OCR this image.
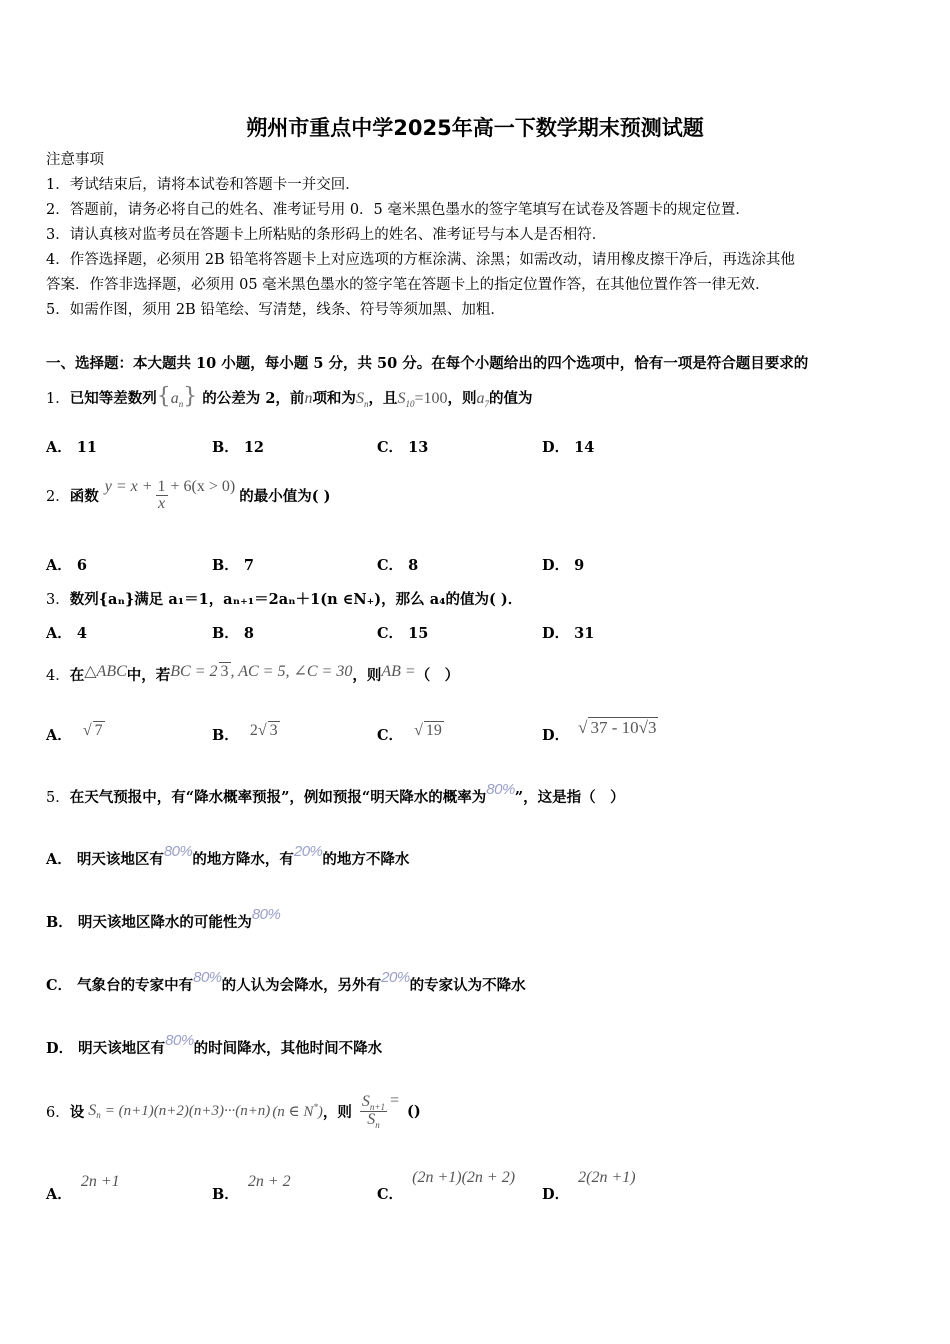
朔州市重点中学2025年高一下数学期末预测试题
注意事项
1．考试结束后，请将本试卷和答题卡一并交回．
2．答题前，请务必将自己的姓名、准考证号用 0．5 毫米黑色墨水的签字笔填写在试卷及答题卡的规定位置．
3．请认真核对监考员在答题卡上所粘贴的条形码上的姓名、准考证号与本人是否相符．
4．作答选择题，必须用 2B 铅笔将答题卡上对应选项的方框涂满、涂黑；如需改动，请用橡皮擦干净后，再选涂其他
答案．作答非选择题，必须用 05 毫米黑色墨水的签字笔在答题卡上的指定位置作答，在其他位置作答一律无效．
5．如需作图，须用 2B 铅笔绘、写清楚，线条、符号等须加黑、加粗．
一、选择题：本大题共 10 小题，每小题 5 分，共 50 分。在每个小题给出的四个选项中，恰有一项是符合题目要求的
1．已知等差数列$\{a_n\}$ 的公差为 2，前n项和为$S_n$，且$S_{10}=100$，则$a_7$的值为
A． 11	B． 12	C． 13	D． 14
2． 函数
$y = x + \frac{1}{x} + 6(x > 0)$
的最小值为( )
A． 6	B． 7	C． 8	D． 9
3．数列{aₙ}满足 a₁＝1，aₙ₊₁＝2aₙ＋1(n ∈N₊)，那么 a₄的值为( )．
A． 4	B． 8	C． 15	D． 31
4．在△ABC中，若BC = 2 3 , AC = 5, ∠C = 30，则AB =（　）
A． √ 7	B． 2√ 3	C． √ 19	D． √ 37 - 10√3
5．在天气预报中，有“降水概率预报”，例如预报“明天降水的概率为80%”，这是指（　）
A． 明天该地区有80%的地方降水，有20%的地方不降水
B． 明天该地区降水的可能性为80%
C． 气象台的专家中有80%的人认为会降水，另外有20%的专家认为不降水
D． 明天该地区有80%的时间降水，其他时间不降水
6． 设 S n = (n+1)(n+2)(n+3)···(n+n) (n ∈ N*) ，则 $\frac{S_{n+1}}{S_n}$ =
()
A． 2n +1
B． 2n + 2
C． (2n +1)(2n + 2)
D． 2(2n +1)
